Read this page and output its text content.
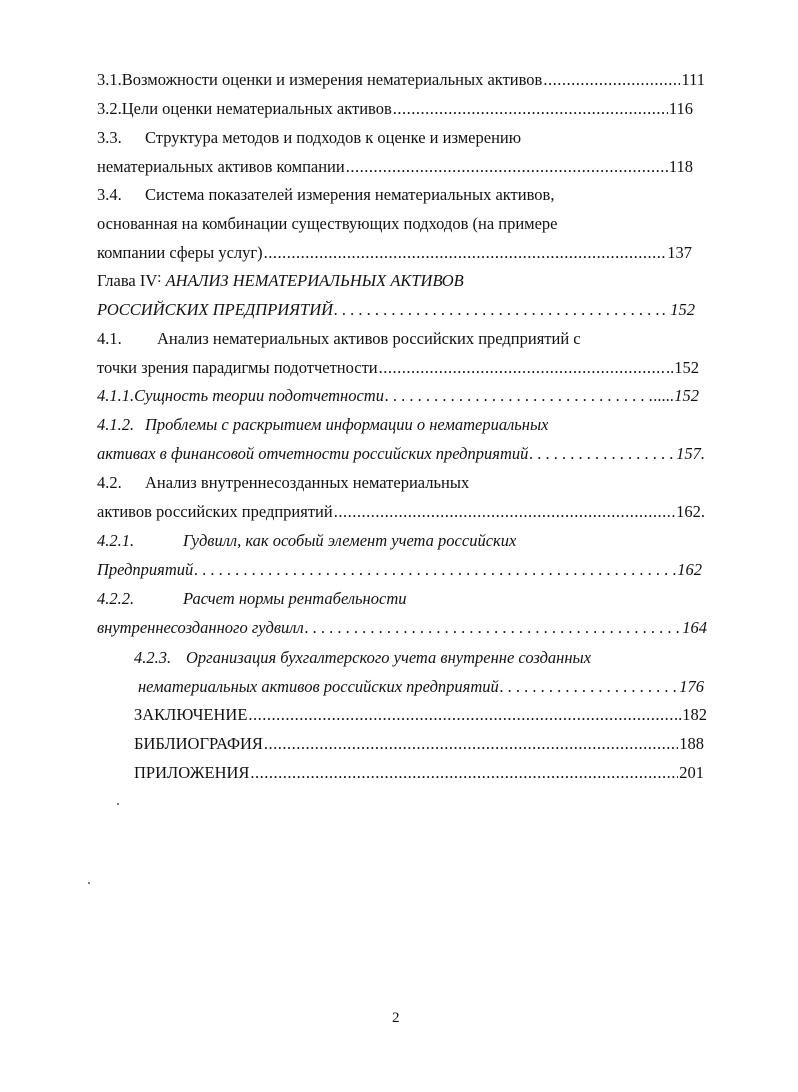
3.1. Возможности оценки и измерения нематериальных активов .....	111
3.2. Цели оценки нематериальных активов .....	116
3.3. Структура методов и подходов к оценке и измерению
нематериальных активов компании .....	118
3.4. Система показателей измерения нематериальных активов,
основанная на комбинации существующих подходов (на примере
компании сферы услуг) .....	137
Глава IV: АНАЛИЗ НЕМАТЕРИАЛЬНЫХ АКТИВОВ
РОССИЙСКИХ ПРЕДПРИЯТИЙ . . .	. 152
4.1. Анализ нематериальных активов российских предприятий с
точки зрения парадигмы подотчетности .....	..152
4.1.1. Сущность теории подотчетности . . .	.....152
4.1.2. Проблемы с раскрытием информации о нематериальных
активах в финансовой отчетности российских предприятий . . .	157.
4.2. Анализ внутреннесозданных нематериальных
активов российских предприятий .....	162.
4.2.1.	Гудвилл, как особый элемент учета российских
Предприятий . . .	162
4.2.2.	Расчет нормы рентабельности
внутреннесозданного гудвилл . . .	164
4.2.3. Организация бухгалтерского учета внутренне созданных
нематериальных активов российских предприятий . . .	176
ЗАКЛЮЧЕНИЕ .....	..182
БИБЛИОГРАФИЯ .....	188
ПРИЛОЖЕНИЯ .....	201
2
